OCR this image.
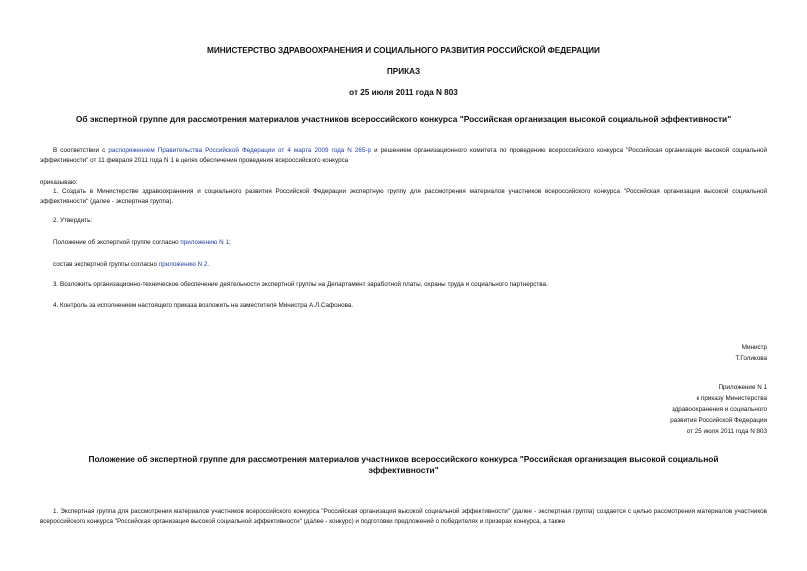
МИНИСТЕРСТВО ЗДРАВООХРАНЕНИЯ И СОЦИАЛЬНОГО РАЗВИТИЯ РОССИЙСКОЙ ФЕДЕРАЦИИ
ПРИКАЗ
от 25 июля 2011 года N 803
Об экспертной группе для рассмотрения материалов участников всероссийского конкурса "Российская организация высокой социальной эффективности"
В соответствии с распоряжением Правительства Российской Федерации от 4 марта 2009 года N 265-р и решением организационного комитета по проведению всероссийского конкурса "Российская организация высокой социальной эффективности" от 11 февраля 2011 года N 1 в целях обеспечения проведения всероссийского конкурса
приказываю:
1. Создать в Министерстве здравоохранения и социального развития Российской Федерации экспертную группу для рассмотрения материалов участников всероссийского конкурса "Российская организация высокой социальной эффективности" (далее - экспертная группа).
2. Утвердить:
Положение об экспертной группе согласно приложению N 1;
состав экспертной группы согласно приложению N 2.
3. Возложить организационно-техническое обеспечение деятельности экспертной группы на Департамент заработной платы, охраны труда и социального партнерства.
4. Контроль за исполнением настоящего приказа возложить на заместителя Министра А.Л.Сафонова.
Министр
Т.Голикова
Приложение N 1
к приказу Министерства
здравоохранения и социального
развития Российской Федерации
от 25 июля 2011 года N 803
Положение об экспертной группе для рассмотрения материалов участников всероссийского конкурса "Российская организация высокой социальной эффективности"
1. Экспертная группа для рассмотрения материалов участников всероссийского конкурса "Российская организация высокой социальной эффективности" (далее - экспертная группа) создается с целью рассмотрения материалов участников всероссийского конкурса "Российская организация высокой социальной эффективности" (далее - конкурс) и подготовки предложений о победителях и призерах конкурса, а также
